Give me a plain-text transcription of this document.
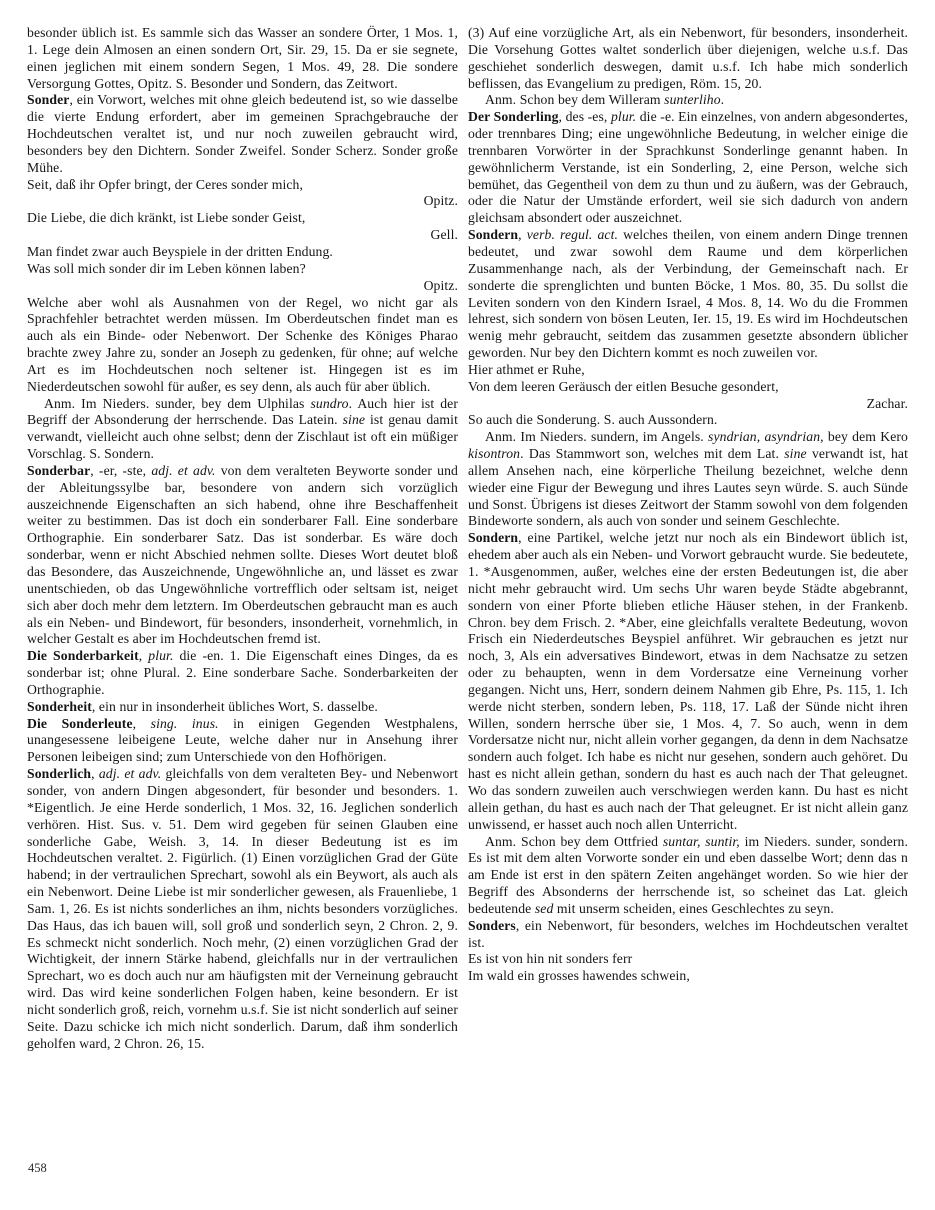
besonder üblich ist. Es sammle sich das Wasser an sondere Örter, 1 Mos. 1, 1. Lege dein Almosen an einen sondern Ort, Sir. 29, 15. Da er sie segnete, einen jeglichen mit einem sondern Segen, 1 Mos. 49, 28. Die sondere Versorgung Gottes, Opitz. S. Besonder und Sondern, das Zeitwort.

Sonder, ein Vorwort, welches mit ohne gleich bedeutend ist, so wie dasselbe die vierte Endung erfordert, aber im gemeinen Sprachgebrauche der Hochdeutschen veraltet ist, und nur noch zuweilen gebraucht wird, besonders bey den Dichtern. Sonder Zweifel. Sonder Scherz. Sonder große Mühe.

Seit, daß ihr Opfer bringt, der Ceres sonder mich,

Opitz.

Die Liebe, die dich kränkt, ist Liebe sonder Geist,

Gell.

Man findet zwar auch Beyspiele in der dritten Endung.

Was soll mich sonder dir im Leben können laben?

Opitz.

Welche aber wohl als Ausnahmen von der Regel, wo nicht gar als Sprachfehler betrachtet werden müssen. Im Oberdeutschen findet man es auch als ein Binde- oder Nebenwort. Der Schenke des Königes Pharao brachte zwey Jahre zu, sonder an Joseph zu gedenken, für ohne; auf welche Art es im Hochdeutschen noch seltener ist. Hingegen ist es im Niederdeutschen sowohl für außer, es sey denn, als auch für aber üblich.

Anm. Im Nieders. sunder, bey dem Ulphilas sundro. Auch hier ist der Begriff der Absonderung der herrschende. Das Latein. sine ist genau damit verwandt, vielleicht auch ohne selbst; denn der Zischlaut ist oft ein müßiger Vorschlag. S. Sondern.

Sonderbar, -er, -ste, adj. et adv. von dem veralteten Beyworte sonder und der Ableitungssylbe bar, besondere von andern sich vorzüglich auszeichnende Eigenschaften an sich habend, ohne ihre Beschaffenheit weiter zu bestimmen. Das ist doch ein sonderbarer Fall. Eine sonderbare Orthographie. Ein sonderbarer Satz. Das ist sonderbar. Es wäre doch sonderbar, wenn er nicht Abschied nehmen sollte. Dieses Wort deutet bloß das Besondere, das Auszeichnende, Ungewöhnliche an, und lässet es zwar unentschieden, ob das Ungewöhnliche vortrefflich oder seltsam ist, neiget sich aber doch mehr dem letztern. Im Oberdeutschen gebraucht man es auch als ein Neben- und Bindewort, für besonders, insonderheit, vornehmlich, in welcher Gestalt es aber im Hochdeutschen fremd ist.

Die Sonderbarkeit, plur. die -en. 1. Die Eigenschaft eines Dinges, da es sonderbar ist; ohne Plural. 2. Eine sonderbare Sache. Sonderbarkeiten der Orthographie.

Sonderheit, ein nur in insonderheit übliches Wort, S. dasselbe.

Die Sonderleute, sing. inus. in einigen Gegenden Westphalens, unangesessene leibeigene Leute, welche daher nur in Ansehung ihrer Personen leibeigen sind; zum Unterschiede von den Hofhörigen.

Sonderlich, adj. et adv. gleichfalls von dem veralteten Bey- und Nebenwort sonder, von andern Dingen abgesondert, für besonder und besonders. 1. *Eigentlich. Je eine Herde sonderlich, 1 Mos. 32, 16. Jeglichen sonderlich verhören. Hist. Sus. v. 51. Dem wird gegeben für seinen Glauben eine sonderliche Gabe, Weish. 3, 14. In dieser Bedeutung ist es im Hochdeutschen veraltet. 2. Figürlich. (1) Einen vorzüglichen Grad der Güte habend; in der vertraulichen Sprechart, sowohl als ein Beywort, als auch als ein Nebenwort. Deine Liebe ist mir sonderlicher gewesen, als Frauenliebe, 1 Sam. 1, 26. Es ist nichts sonderliches an ihm, nichts besonders vorzügliches. Das Haus, das ich bauen will, soll groß und sonderlich seyn, 2 Chron. 2, 9. Es schmeckt nicht sonderlich. Noch mehr, (2) einen vorzüglichen Grad der Wichtigkeit, der innern Stärke habend, gleichfalls nur in der vertraulichen Sprechart, wo es doch auch nur am häufigsten mit der Verneinung gebraucht wird. Das wird keine sonderlichen Folgen haben, keine besondern. Er ist nicht sonderlich groß, reich, vornehm u.s.f. Sie ist nicht sonderlich auf seiner Seite. Dazu schicke ich mich nicht sonderlich. Darum, daß ihm sonderlich geholfen ward, 2 Chron. 26, 15.

(3) Auf eine vorzügliche Art, als ein Nebenwort, für besonders, insonderheit. Die Vorsehung Gottes waltet sonderlich über diejenigen, welche u.s.f. Das geschiehet sonderlich deswegen, damit u.s.f. Ich habe mich sonderlich beflissen, das Evangelium zu predigen, Röm. 15, 20.

Anm. Schon bey dem Willeram sunterliho.

Der Sonderling, des -es, plur. die -e. Ein einzelnes, von andern abgesondertes, oder trennbares Ding; eine ungewöhnliche Bedeutung, in welcher einige die trennbaren Vorwörter in der Sprachkunst Sonderlinge genannt haben. In gewöhnlicherm Verstande, ist ein Sonderling, 2, eine Person, welche sich bemühet, das Gegentheil von dem zu thun und zu äußern, was der Gebrauch, oder die Natur der Umstände erfordert, weil sie sich dadurch von andern gleichsam absondert oder auszeichnet.

Sondern, verb. regul. act. welches theilen, von einem andern Dinge trennen bedeutet, und zwar sowohl dem Raume und dem körperlichen Zusammenhange nach, als der Verbindung, der Gemeinschaft nach. Er sonderte die sprenglichten und bunten Böcke, 1 Mos. 80, 35. Du sollst die Leviten sondern von den Kindern Israel, 4 Mos. 8, 14. Wo du die Frommen lehrest, sich sondern von bösen Leuten, Ier. 15, 19. Es wird im Hochdeutschen wenig mehr gebraucht, seitdem das zusammen gesetzte absondern üblicher geworden. Nur bey den Dichtern kommt es noch zuweilen vor.

Hier athmet er Ruhe,

Von dem leeren Geräusch der eitlen Besuche gesondert,

Zachar.

So auch die Sonderung. S. auch Aussondern.

Anm. Im Nieders. sundern, im Angels. syndrian, asyndrian, bey dem Kero kisontron. Das Stammwort son, welches mit dem Lat. sine verwandt ist, hat allem Ansehen nach, eine körperliche Theilung bezeichnet, welche denn wieder eine Figur der Bewegung und ihres Lautes seyn würde. S. auch Sünde und Sonst. Übrigens ist dieses Zeitwort der Stamm sowohl von dem folgenden Bindeworte sondern, als auch von sonder und seinem Geschlechte.

Sondern, eine Partikel, welche jetzt nur noch als ein Bindewort üblich ist, ehedem aber auch als ein Neben- und Vorwort gebraucht wurde. Sie bedeutete, 1. *Ausgenommen, außer, welches eine der ersten Bedeutungen ist, die aber nicht mehr gebraucht wird. Um sechs Uhr waren beyde Städte abgebrannt, sondern von einer Pforte blieben etliche Häuser stehen, in der Frankenb. Chron. bey dem Frisch. 2. *Aber, eine gleichfalls veraltete Bedeutung, wovon Frisch ein Niederdeutsches Beyspiel anführet. Wir gebrauchen es jetzt nur noch, 3, Als ein adversatives Bindewort, etwas in dem Nachsatze zu setzen oder zu behaupten, wenn in dem Vordersatze eine Verneinung vorher gegangen. Nicht uns, Herr, sondern deinem Nahmen gib Ehre, Ps. 115, 1. Ich werde nicht sterben, sondern leben, Ps. 118, 17. Laß der Sünde nicht ihren Willen, sondern herrsche über sie, 1 Mos. 4, 7. So auch, wenn in dem Vordersatze nicht nur, nicht allein vorher gegangen, da denn in dem Nachsatze sondern auch folget. Ich habe es nicht nur gesehen, sondern auch gehöret. Du hast es nicht allein gethan, sondern du hast es auch nach der That geleugnet. Wo das sondern zuweilen auch verschwiegen werden kann. Du hast es nicht allein gethan, du hast es auch nach der That geleugnet. Er ist nicht allein ganz unwissend, er hasset auch noch allen Unterricht.

Anm. Schon bey dem Ottfried suntar, suntir, im Nieders. sunder, sondern. Es ist mit dem alten Vorworte sonder ein und eben dasselbe Wort; denn das n am Ende ist erst in den spätern Zeiten angehänget worden. So wie hier der Begriff des Absonderns der herrschende ist, so scheinet das Lat. gleich bedeutende sed mit unserm scheiden, eines Geschlechtes zu seyn.

Sonders, ein Nebenwort, für besonders, welches im Hochdeutschen veraltet ist.

Es ist von hin nit sonders ferr

Im wald ein grosses hawendes schwein,

458
